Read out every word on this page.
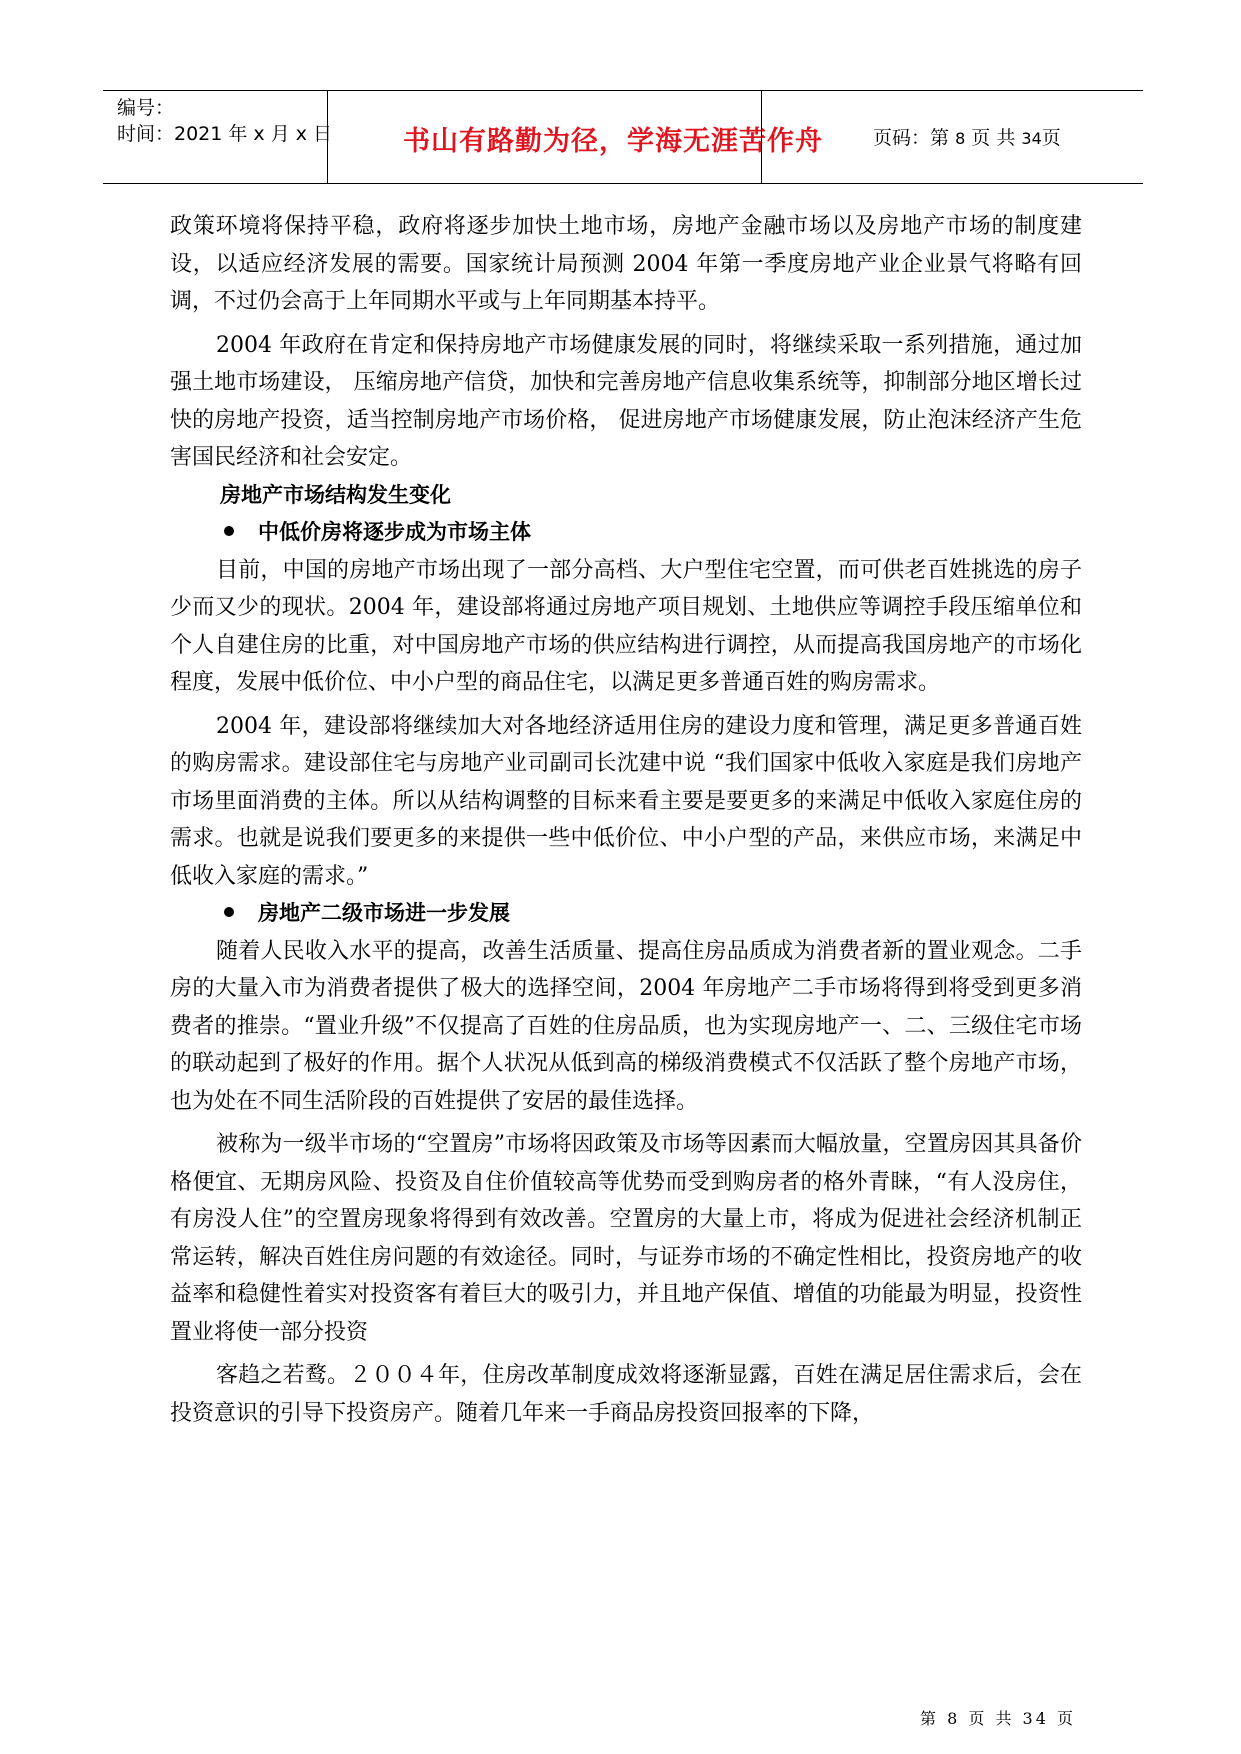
编号：
时间：2021 年 x 月 x 日	书山有路勤为径，学海无涯苦作舟	页码：第 8 页 共 34页

政策环境将保持平稳，政府将逐步加快土地市场，房地产金融市场以及房地产市场的制度建设，以适应经济发展的需要。国家统计局预测 2004 年第一季度房地产业企业景气将略有回调，不过仍会高于上年同期水平或与上年同期基本持平。

2004 年政府在肯定和保持房地产市场健康发展的同时，将继续采取一系列措施，通过加强土地市场建设， 压缩房地产信贷，加快和完善房地产信息收集系统等，抑制部分地区增长过快的房地产投资，适当控制房地产市场价格， 促进房地产市场健康发展，防止泡沫经济产生危害国民经济和社会安定。

房地产市场结构发生变化
中低价房将逐步成为市场主体

目前，中国的房地产市场出现了一部分高档、大户型住宅空置，而可供老百姓挑选的房子少而又少的现状。2004 年，建设部将通过房地产项目规划、土地供应等调控手段压缩单位和个人自建住房的比重，对中国房地产市场的供应结构进行调控，从而提高我国房地产的市场化程度，发展中低价位、中小户型的商品住宅，以满足更多普通百姓的购房需求。

2004 年，建设部将继续加大对各地经济适用住房的建设力度和管理，满足更多普通百姓的购房需求。建设部住宅与房地产业司副司长沈建中说 “我们国家中低收入家庭是我们房地产市场里面消费的主体。所以从结构调整的目标来看主要是要更多的来满足中低收入家庭住房的需求。也就是说我们要更多的来提供一些中低价位、中小户型的产品，来供应市场，来满足中低收入家庭的需求。”

房地产二级市场进一步发展

随着人民收入水平的提高，改善生活质量、提高住房品质成为消费者新的置业观念。二手房的大量入市为消费者提供了极大的选择空间，2004 年房地产二手市场将得到将受到更多消费者的推崇。“置业升级”不仅提高了百姓的住房品质，也为实现房地产一、二、三级住宅市场的联动起到了极好的作用。据个人状况从低到高的梯级消费模式不仅活跃了整个房地产市场，也为处在不同生活阶段的百姓提供了安居的最佳选择。

被称为一级半市场的“空置房”市场将因政策及市场等因素而大幅放量，空置房因其具备价格便宜、无期房风险、投资及自住价值较高等优势而受到购房者的格外青睐，“有人没房住，有房没人住”的空置房现象将得到有效改善。空置房的大量上市，将成为促进社会经济机制正常运转，解决百姓住房问题的有效途径。同时，与证券市场的不确定性相比，投资房地产的收益率和稳健性着实对投资客有着巨大的吸引力，并且地产保值、增值的功能最为明显，投资性置业将使一部分投资

客趋之若鹜。２００４年，住房改革制度成效将逐渐显露，百姓在满足居住需求后，会在投资意识的引导下投资房产。随着几年来一手商品房投资回报率的下降，

第 8 页 共 34 页
